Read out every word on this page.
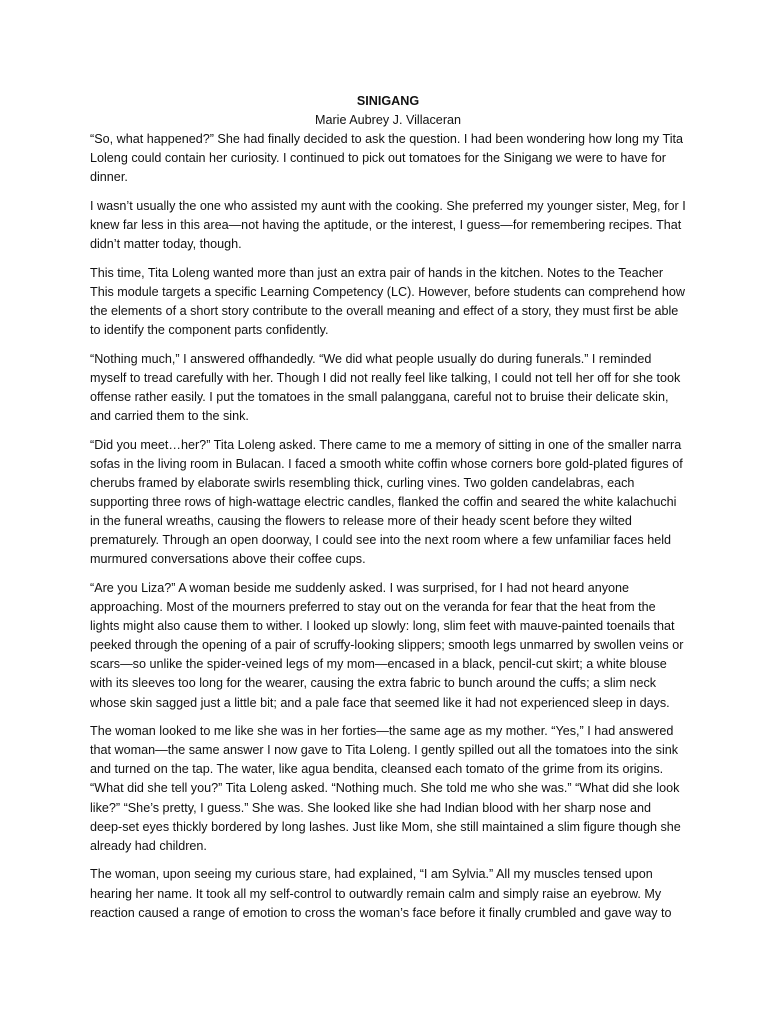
SINIGANG

Marie Aubrey J. Villaceran

“So, what happened?” She had finally decided to ask the question. I had been wondering how long my Tita Loleng could contain her curiosity. I continued to pick out tomatoes for the Sinigang we were to have for dinner.

I wasn’t usually the one who assisted my aunt with the cooking. She preferred my younger sister, Meg, for I knew far less in this area—not having the aptitude, or the interest, I guess—for remembering recipes. That didn’t matter today, though.

This time, Tita Loleng wanted more than just an extra pair of hands in the kitchen. Notes to the Teacher This module targets a specific Learning Competency (LC). However, before students can comprehend how the elements of a short story contribute to the overall meaning and effect of a story, they must first be able to identify the component parts confidently.

“Nothing much,” I answered offhandedly. “We did what people usually do during funerals.” I reminded myself to tread carefully with her. Though I did not really feel like talking, I could not tell her off for she took offense rather easily. I put the tomatoes in the small palanggana, careful not to bruise their delicate skin, and carried them to the sink.

“Did you meet…her?” Tita Loleng asked. There came to me a memory of sitting in one of the smaller narra sofas in the living room in Bulacan. I faced a smooth white coffin whose corners bore gold-plated figures of cherubs framed by elaborate swirls resembling thick, curling vines. Two golden candelabras, each supporting three rows of high-wattage electric candles, flanked the coffin and seared the white kalachuchi in the funeral wreaths, causing the flowers to release more of their heady scent before they wilted prematurely. Through an open doorway, I could see into the next room where a few unfamiliar faces held murmured conversations above their coffee cups.

“Are you Liza?” A woman beside me suddenly asked. I was surprised, for I had not heard anyone approaching. Most of the mourners preferred to stay out on the veranda for fear that the heat from the lights might also cause them to wither. I looked up slowly: long, slim feet with mauve-painted toenails that peeked through the opening of a pair of scruffy-looking slippers; smooth legs unmarred by swollen veins or scars—so unlike the spider-veined legs of my mom—encased in a black, pencil-cut skirt; a white blouse with its sleeves too long for the wearer, causing the extra fabric to bunch around the cuffs; a slim neck whose skin sagged just a little bit; and a pale face that seemed like it had not experienced sleep in days.

The woman looked to me like she was in her forties—the same age as my mother. “Yes,” I had answered that woman—the same answer I now gave to Tita Loleng. I gently spilled out all the tomatoes into the sink and turned on the tap. The water, like agua bendita, cleansed each tomato of the grime from its origins. “What did she tell you?” Tita Loleng asked. “Nothing much. She told me who she was.” “What did she look like?” “She’s pretty, I guess.” She was. She looked like she had Indian blood with her sharp nose and deep-set eyes thickly bordered by long lashes. Just like Mom, she still maintained a slim figure though she already had children.

The woman, upon seeing my curious stare, had explained, “I am Sylvia.” All my muscles tensed upon hearing her name. It took all my self-control to outwardly remain calm and simply raise an eyebrow. My reaction caused a range of emotion to cross the woman’s face before it finally crumbled and gave way to
